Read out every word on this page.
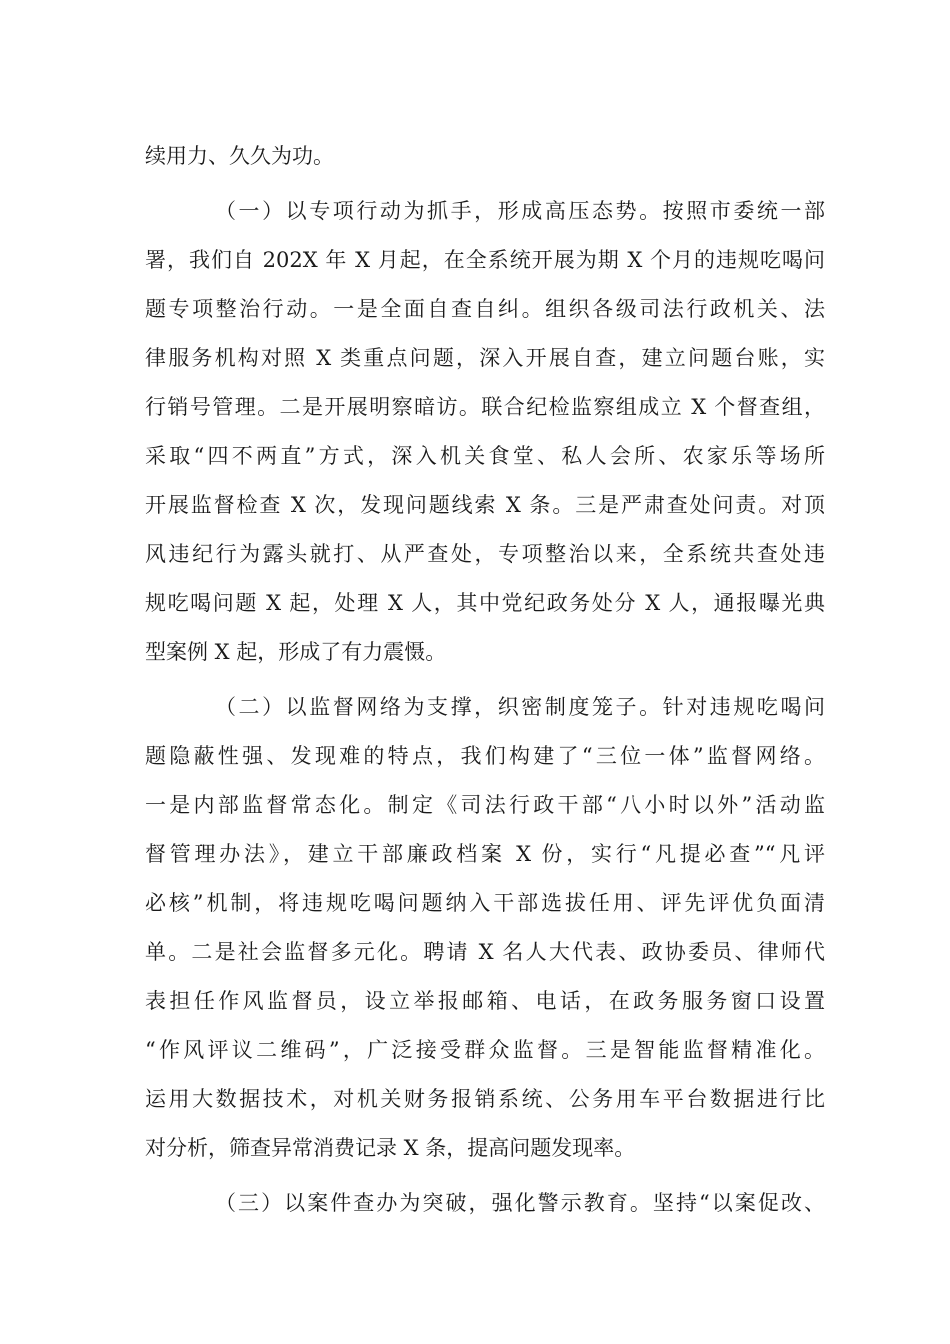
续用力、久久为功。
（一）以专项行动为抓手，形成高压态势。按照市委统一部
署，我们自 202X 年 X 月起，在全系统开展为期 X 个月的违规吃喝问
题专项整治行动。一是全面自查自纠。组织各级司法行政机关、法
律服务机构对照 X 类重点问题，深入开展自查，建立问题台账，实
行销号管理。二是开展明察暗访。联合纪检监察组成立 X 个督查组，
采取“四不两直”方式，深入机关食堂、私人会所、农家乐等场所
开展监督检查 X 次，发现问题线索 X 条。三是严肃查处问责。对顶
风违纪行为露头就打、从严查处，专项整治以来，全系统共查处违
规吃喝问题 X 起，处理 X 人，其中党纪政务处分 X 人，通报曝光典
型案例 X 起，形成了有力震慑。
（二）以监督网络为支撑，织密制度笼子。针对违规吃喝问
题隐蔽性强、发现难的特点，我们构建了“三位一体”监督网络。
一是内部监督常态化。制定《司法行政干部“八小时以外”活动监
督管理办法》，建立干部廉政档案 X 份，实行“凡提必查”“凡评
必核”机制，将违规吃喝问题纳入干部选拔任用、评先评优负面清
单。二是社会监督多元化。聘请 X 名人大代表、政协委员、律师代
表担任作风监督员，设立举报邮箱、电话，在政务服务窗口设置
“作风评议二维码”，广泛接受群众监督。三是智能监督精准化。
运用大数据技术，对机关财务报销系统、公务用车平台数据进行比
对分析，筛查异常消费记录 X 条，提高问题发现率。
（三）以案件查办为突破，强化警示教育。坚持“以案促改、
